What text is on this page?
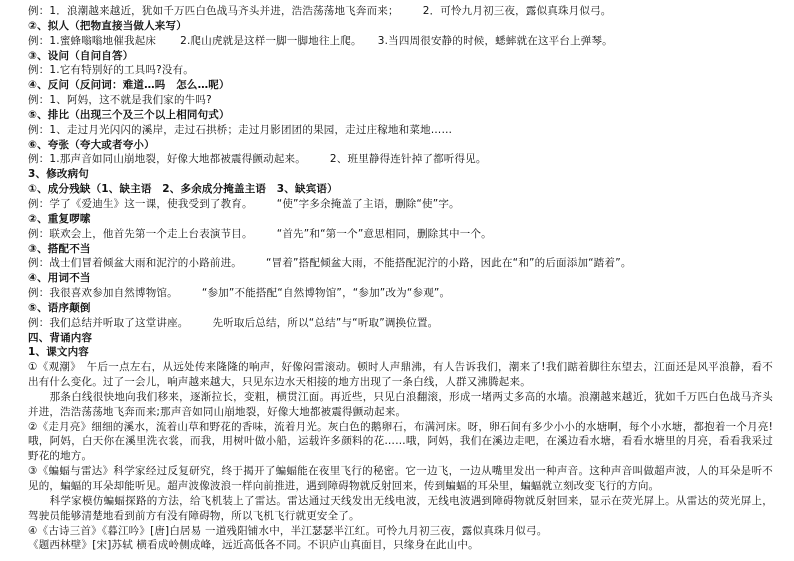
例：1．浪潮越来越近，犹如千万匹白色战马齐头并进，浩浩荡荡地飞奔而来； 2．可怜九月初三夜，露似真珠月似弓。
②、拟人（把物直接当做人来写）
例：1.蜜蜂嗡嗡地催我起床 2.爬山虎就是这样一脚一脚地往上爬。 3.当四周很安静的时候，蟋蟀就在这平台上弹琴。
③、设问（自问自答）
例：1.它有特别好的工具吗?没有。
④、反问（反问词：难道…吗　怎么…呢）
例：1、阿妈，这不就是我们家的牛吗?
⑤、排比（出现三个及三个以上相同句式）
例：1、走过月光闪闪的溪岸，走过石拱桥；走过月影团团的果园，走过庄稼地和菜地……
⑥、夸张（夸大或者夸小）
例：1.那声音如同山崩地裂，好像大地都被震得颤动起来。 2、班里静得连针掉了都听得见。
3、修改病句
①、成分残缺（1、缺主语　2、多余成分掩盖主语　3、缺宾语）
例：学了《爱迪生》这一课，使我受到了教育。 “使”字多余掩盖了主语，删除“使”字。
②、重复啰嗦
例：联欢会上，他首先第一个走上台表演节目。 “首先”和“第一个”意思相同，删除其中一个。
③、搭配不当
例：战士们冒着倾盆大雨和泥泞的小路前进。 “冒着”搭配倾盆大雨，不能搭配泥泞的小路，因此在“和”的后面添加“踏着”。
④、用词不当
例：我很喜欢参加自然博物馆。 “参加”不能搭配“自然博物馆”，“参加”改为“参观”。
⑤、语序颠倒
例：我们总结并听取了这堂讲座。 先听取后总结，所以“总结”与“听取”调换位置。
四、背诵内容
1、课文内容
①《观潮》　午后一点左右，从远处传来隆隆的响声，好像闷雷滚动。顿时人声鼎沸，有人告诉我们，潮来了!我们踮着脚往东望去，江面还是风平浪静，看不出有什么变化。过了一会儿，响声越来越大，只见东边水天相接的地方出现了一条白线，人群又沸腾起来。
　　那条白线很快地向我们移来，逐渐拉长，变粗，横贯江面。再近些，只见白浪翻滚，形成一堵两丈多高的水墙。浪潮越来越近，犹如千万匹白色战马齐头并进，浩浩荡荡地飞奔而来;那声音如同山崩地裂，好像大地都被震得颤动起来。
②《走月亮》细细的溪水，流着山草和野花的香味，流着月光。灰白色的鹅卵石，布满河床。呀，卵石间有多少小小的水塘啊，每个小水塘，都抱着一个月亮!哦，阿妈，白天你在溪里洗衣裳，而我，用树叶做小船，运载许多颜料的花……哦，阿妈，我们在溪边走吧，在溪边看水塘，看看水塘里的月亮，看看我采过野花的地方。
③《蝙蝠与雷达》科学家经过反复研究，终于揭开了蝙蝠能在夜里飞行的秘密。它一边飞，一边从嘴里发出一种声音。这种声音叫做超声波，人的耳朵是听不见的，蝙蝠的耳朵却能听见。超声波像波浪一样向前推进，遇到障碍物就反射回来，传到蝙蝠的耳朵里，蝙蝠就立刻改变飞行的方向。
　　科学家模仿蝙蝠探路的方法，给飞机装上了雷达。雷达通过天线发出无线电波，无线电波遇到障碍物就反射回来，显示在荧光屏上。从雷达的荧光屏上，驾驶员能够清楚地看到前方有没有障碍物，所以飞机飞行就更安全了。
④《古诗三首》《暮江吟》[唐]白居易 一道残阳铺水中，半江瑟瑟半江红。可怜九月初三夜，露似真珠月似弓。
《题西林壁》[宋]苏轼 横看成岭侧成峰，远近高低各不同。不识庐山真面目，只缘身在此山中。
